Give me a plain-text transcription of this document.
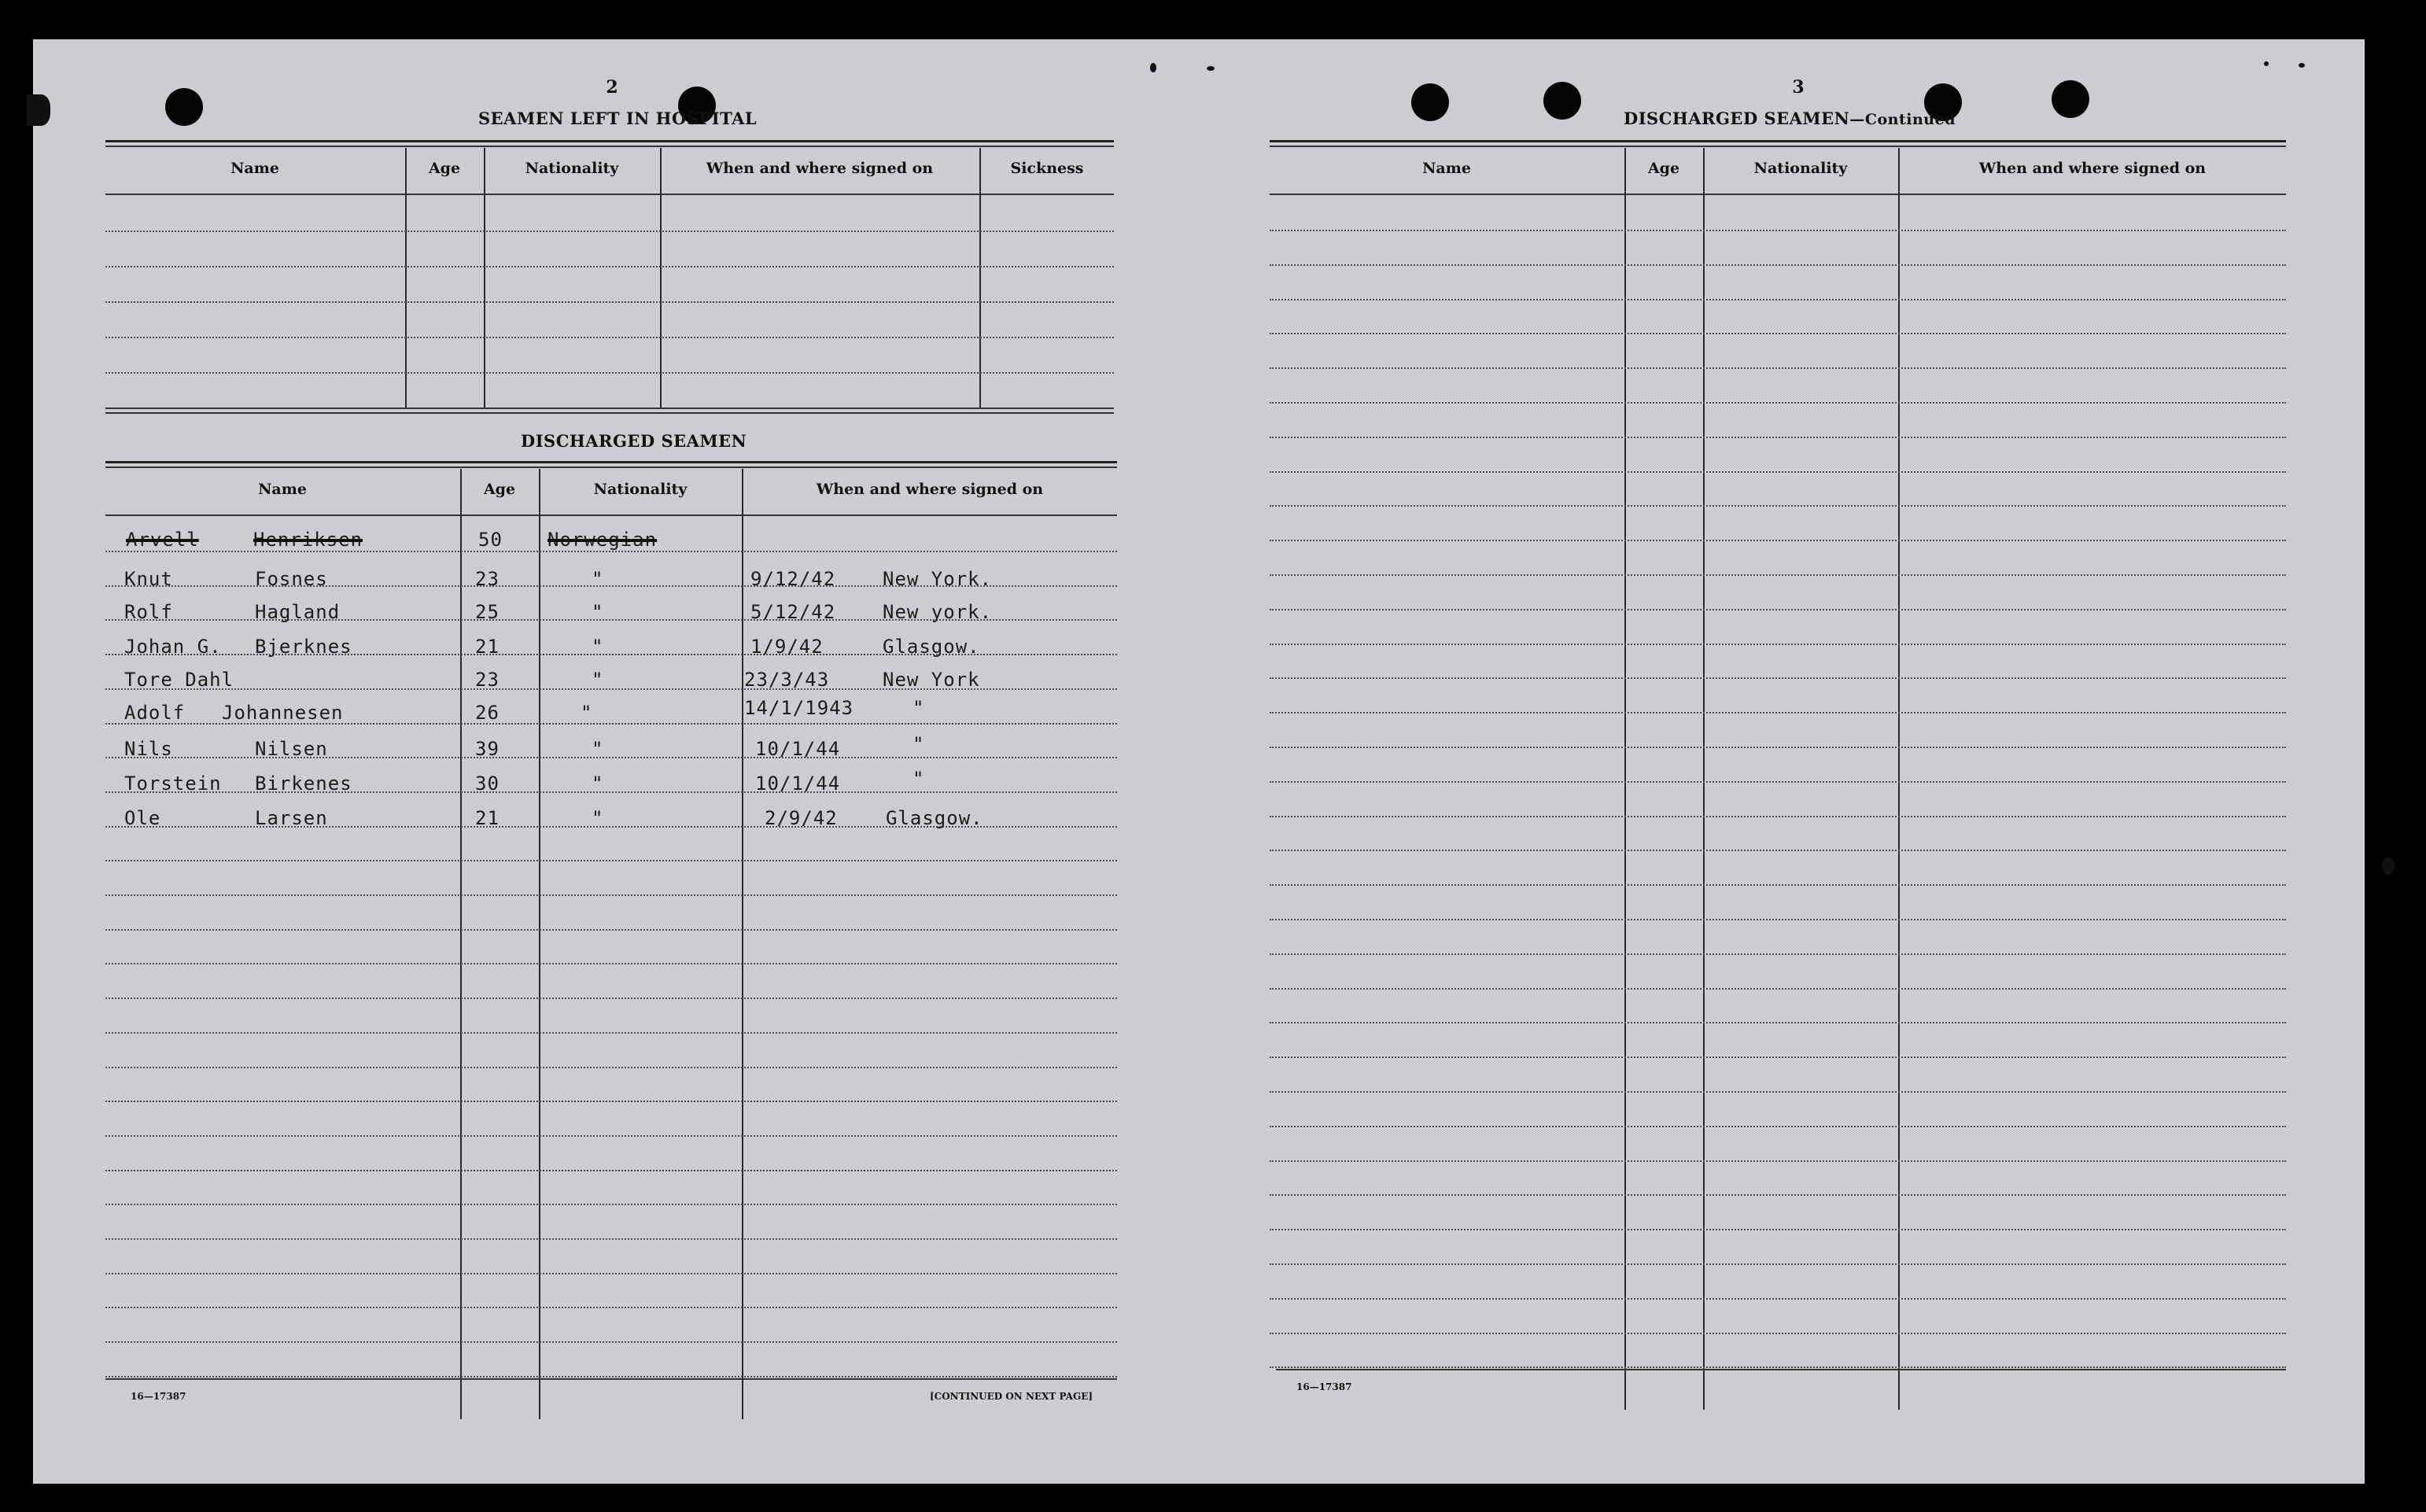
2
SEAMEN LEFT IN HOSPITAL
Name	Age	Nationality	When and where signed on	Sickness
DISCHARGED SEAMEN
Name	Age	Nationality	When and where signed on
Arvell	Henriksen	50 Norwegian
Knut	Fosnes	23	"	9/12/42 New York.
Rolf	Hagland	25	"	5/12/42 New york.
Johan G. Bjerknes	21	"	1/9/42	Glasgow.
Tore Dahl	23	"	23/3/43	New York
Adolf Johannesen	26	"	14/1/1943	"
Nils	Nilsen	39	"	10/1/44	"
Torstein Birkenes	30	"	10/1/44	"
Ole	Larsen	21	"	2/9/42	Glasgow.
16—17387	[CONTINUED ON NEXT PAGE]
3
DISCHARGED SEAMEN—Continued
Name	Age	Nationality	When and where signed on
16—17387
